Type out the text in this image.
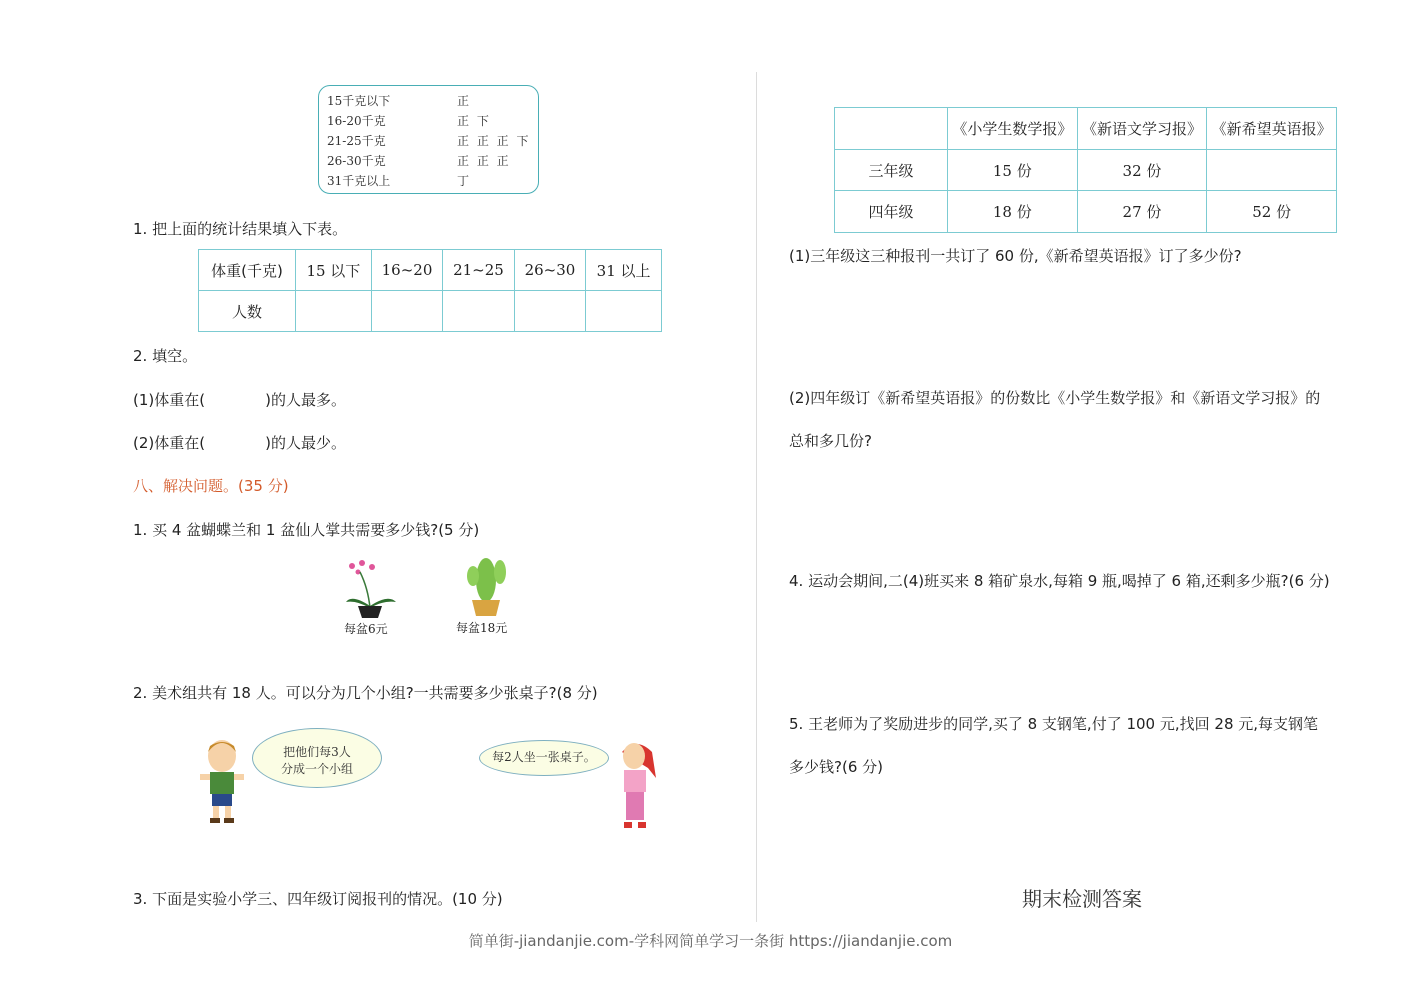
15千克以下	正
16-20千克	正 下
21-25千克	正 正 正 下
26-30千克	正 正 正
31千克以上	丁
1. 把上面的统计结果填入下表。
体重(千克)	15 以下	16~20	21~25	26~30	31 以上
人数					
2. 填空。
(1)体重在(　　　　)的人最多。
(2)体重在(　　　　)的人最少。
八、解决问题。(35 分)
1. 买 4 盆蝴蝶兰和 1 盆仙人掌共需要多少钱?(5 分)
每盆6元	每盆18元
2. 美术组共有 18 人。可以分为几个小组?一共需要多少张桌子?(8 分)
把他们每3人
分成一个小组
每2人坐一张桌子。
3. 下面是实验小学三、四年级订阅报刊的情况。(10 分)
	《小学生数学报》	《新语文学习报》	《新希望英语报》
三年级	15 份	32 份	
四年级	18 份	27 份	52 份
(1)三年级这三种报刊一共订了 60 份,《新希望英语报》订了多少份?
(2)四年级订《新希望英语报》的份数比《小学生数学报》和《新语文学习报》的
总和多几份?
4. 运动会期间,二(4)班买来 8 箱矿泉水,每箱 9 瓶,喝掉了 6 箱,还剩多少瓶?(6 分)
5. 王老师为了奖励进步的同学,买了 8 支钢笔,付了 100 元,找回 28 元,每支钢笔
多少钱?(6 分)
期末检测答案
简单街-jiandanjie.com-学科网简单学习一条街 https://jiandanjie.com
